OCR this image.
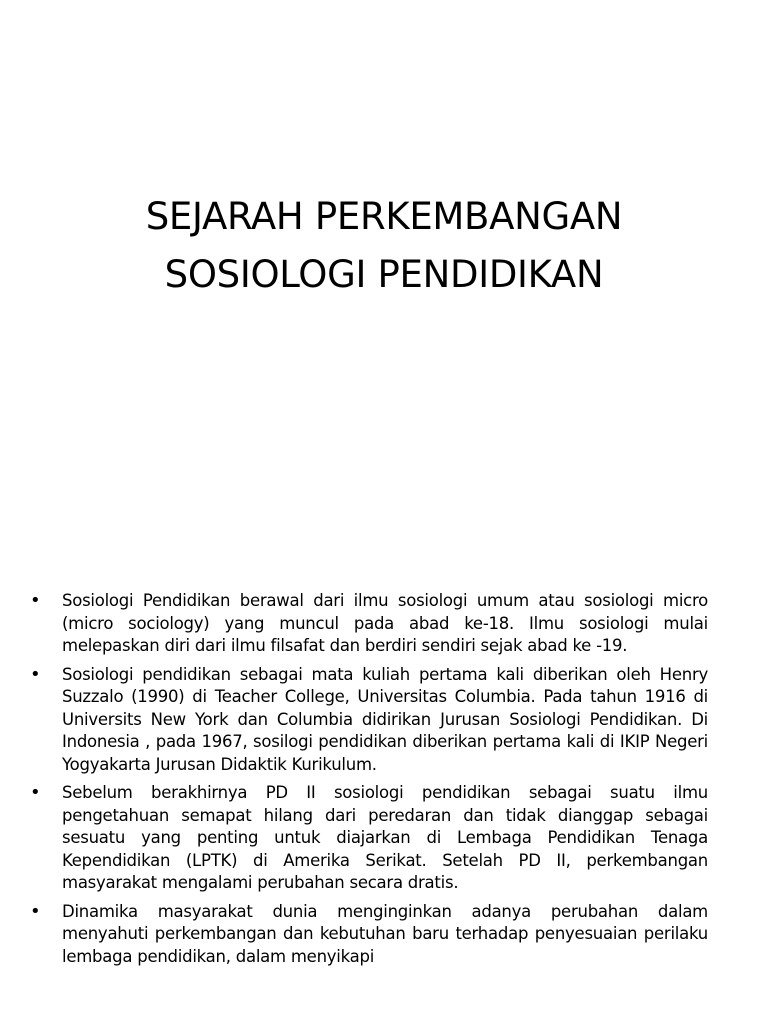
SEJARAH PERKEMBANGAN
SOSIOLOGI PENDIDIKAN
• Sosiologi Pendidikan berawal dari ilmu sosiologi umum atau sosiologi micro (micro sociology) yang muncul pada abad ke-18. Ilmu sosiologi mulai melepaskan diri dari ilmu filsafat dan berdiri sendiri sejak abad ke -19.
• Sosiologi pendidikan sebagai mata kuliah pertama kali diberikan oleh Henry Suzzalo (1990) di Teacher College, Universitas Columbia. Pada tahun 1916 di Universits New York dan Columbia didirikan Jurusan Sosiologi Pendidikan. Di Indonesia , pada 1967, sosilogi pendidikan diberikan pertama kali di IKIP Negeri Yogyakarta Jurusan Didaktik Kurikulum.
• Sebelum berakhirnya PD II sosiologi pendidikan sebagai suatu ilmu pengetahuan semapat hilang dari peredaran dan tidak dianggap sebagai sesuatu yang penting untuk diajarkan di Lembaga Pendidikan Tenaga Kependidikan (LPTK) di Amerika Serikat. Setelah PD II, perkembangan masyarakat mengalami perubahan secara dratis.
• Dinamika masyarakat dunia menginginkan adanya perubahan dalam menyahuti perkembangan dan kebutuhan baru terhadap penyesuaian perilaku lembaga pendidikan, dalam menyikapi
